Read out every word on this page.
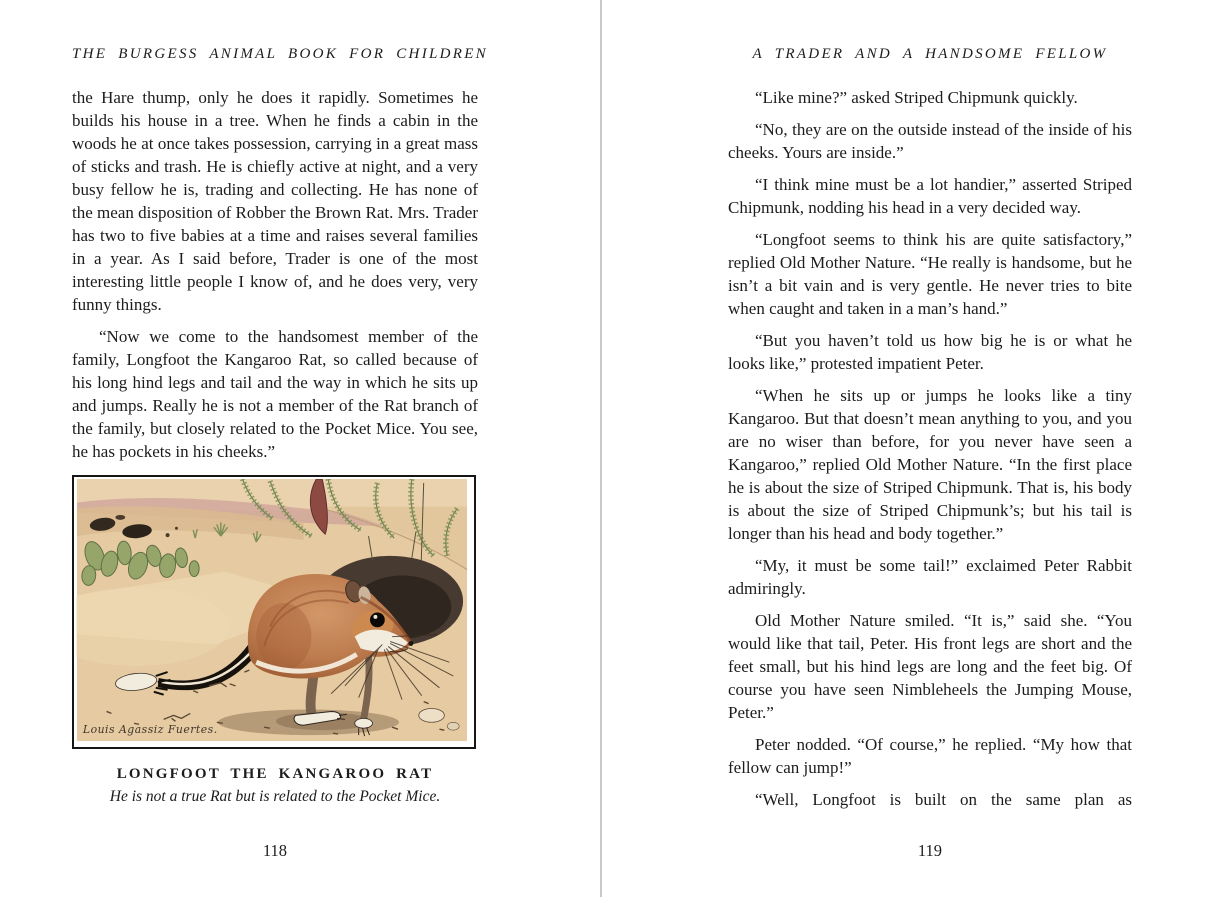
THE BURGESS ANIMAL BOOK FOR CHILDREN

the Hare thump, only he does it rapidly. Sometimes he builds his house in a tree. When he finds a cabin in the woods he at once takes possession, carrying in a great mass of sticks and trash. He is chiefly active at night, and a very busy fellow he is, trading and collecting. He has none of the mean disposition of Robber the Brown Rat. Mrs. Trader has two to five babies at a time and raises several families in a year. As I said before, Trader is one of the most interesting little people I know of, and he does very, very funny things.

“Now we come to the handsomest member of the family, Longfoot the Kangaroo Rat, so called because of his long hind legs and tail and the way in which he sits up and jumps. Really he is not a member of the Rat branch of the family, but closely related to the Pocket Mice. You see, he has pockets in his cheeks.”

Louis Agassiz Fuertes.
LONGFOOT THE KANGAROO RAT
He is not a true Rat but is related to the Pocket Mice.
118
A TRADER AND A HANDSOME FELLOW

“Like mine?” asked Striped Chipmunk quickly.

“No, they are on the outside instead of the inside of his cheeks. Yours are inside.”

“I think mine must be a lot handier,” asserted Striped Chipmunk, nodding his head in a very decided way.

“Longfoot seems to think his are quite satisfactory,” replied Old Mother Nature. “He really is handsome, but he isn’t a bit vain and is very gentle. He never tries to bite when caught and taken in a man’s hand.”

“But you haven’t told us how big he is or what he looks like,” protested impatient Peter.

“When he sits up or jumps he looks like a tiny Kangaroo. But that doesn’t mean anything to you, and you are no wiser than before, for you never have seen a Kangaroo,” replied Old Mother Nature. “In the first place he is about the size of Striped Chipmunk. That is, his body is about the size of Striped Chipmunk’s; but his tail is longer than his head and body together.”

“My, it must be some tail!” exclaimed Peter Rabbit admiringly.

Old Mother Nature smiled. “It is,” said she. “You would like that tail, Peter. His front legs are short and the feet small, but his hind legs are long and the feet big. Of course you have seen Nimbleheels the Jumping Mouse, Peter.”

Peter nodded. “Of course,” he replied. “My how that fellow can jump!”

“Well, Longfoot is built on the same plan as

119
